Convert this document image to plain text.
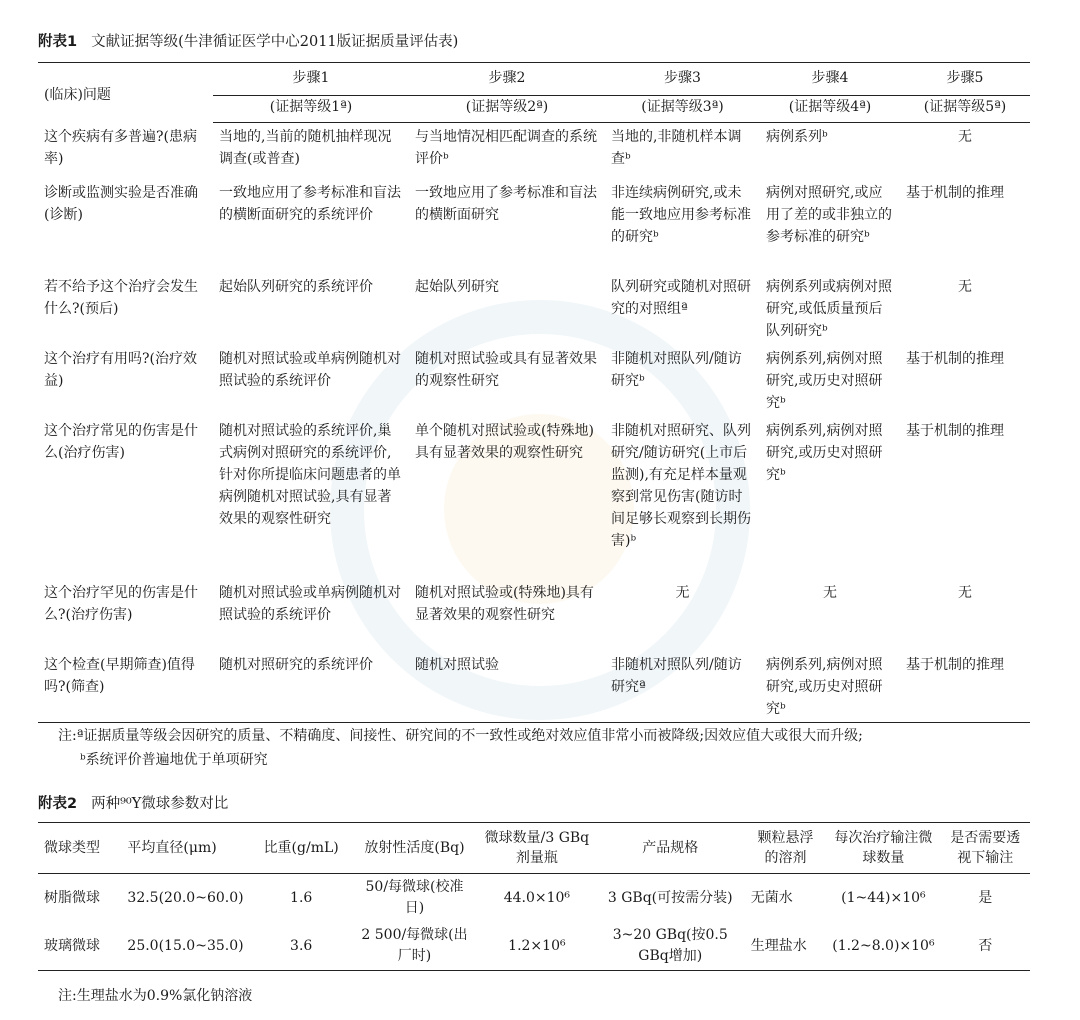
附表1 文献证据等级(牛津循证医学中心2011版证据质量评估表)
(临床)问题	步骤1	步骤2	步骤3	步骤4	步骤5
	(证据等级1ª)	(证据等级2ª)	(证据等级3ª)	(证据等级4ª)	(证据等级5ª)
这个疾病有多普遍?(患病率)	当地的,当前的随机抽样现况调查(或普查)	与当地情况相匹配调查的系统评价ᵇ	当地的,非随机样本调查ᵇ	病例系列ᵇ	无
诊断或监测实验是否准确(诊断)	一致地应用了参考标准和盲法的横断面研究的系统评价	一致地应用了参考标准和盲法的横断面研究	非连续病例研究,或未能一致地应用参考标准的研究ᵇ	病例对照研究,或应用了差的或非独立的参考标准的研究ᵇ	基于机制的推理
若不给予这个治疗会发生什么?(预后)	起始队列研究的系统评价	起始队列研究	队列研究或随机对照研究的对照组ª	病例系列或病例对照研究,或低质量预后队列研究ᵇ	无
这个治疗有用吗?(治疗效益)	随机对照试验或单病例随机对照试验的系统评价	随机对照试验或具有显著效果的观察性研究	非随机对照队列/随访研究ᵇ	病例系列,病例对照研究,或历史对照研究ᵇ	基于机制的推理
这个治疗常见的伤害是什么(治疗伤害)	随机对照试验的系统评价,巢式病例对照研究的系统评价,针对你所提临床问题患者的单病例随机对照试验,具有显著效果的观察性研究	单个随机对照试验或(特殊地)具有显著效果的观察性研究	非随机对照研究、队列研究/随访研究(上市后监测),有充足样本量观察到常见伤害(随访时间足够长观察到长期伤害)ᵇ	病例系列,病例对照研究,或历史对照研究ᵇ	基于机制的推理
这个治疗罕见的伤害是什么?(治疗伤害)	随机对照试验或单病例随机对照试验的系统评价	随机对照试验或(特殊地)具有显著效果的观察性研究	无	无	无
这个检查(早期筛查)值得吗?(筛查)	随机对照研究的系统评价	随机对照试验	非随机对照队列/随访研究ª	病例系列,病例对照研究,或历史对照研究ᵇ	基于机制的推理
注:ª证据质量等级会因研究的质量、不精确度、间接性、研究间的不一致性或绝对效应值非常小而被降级;因效应值大或很大而升级;
ᵇ系统评价普遍地优于单项研究
附表2 两种⁹⁰Y微球参数对比
微球类型	平均直径(μm)	比重(g/mL)	放射性活度(Bq)	微球数量/3 GBq剂量瓶	产品规格	颗粒悬浮的溶剂	每次治疗输注微球数量	是否需要透视下输注
树脂微球	32.5(20.0~60.0)	1.6	50/每微球(校准日)	44.0×10⁶	3 GBq(可按需分装)	无菌水	(1~44)×10⁶	是
玻璃微球	25.0(15.0~35.0)	3.6	2 500/每微球(出厂时)	1.2×10⁶	3~20 GBq(按0.5 GBq增加)	生理盐水	(1.2~8.0)×10⁶	否
注:生理盐水为0.9%氯化钠溶液
